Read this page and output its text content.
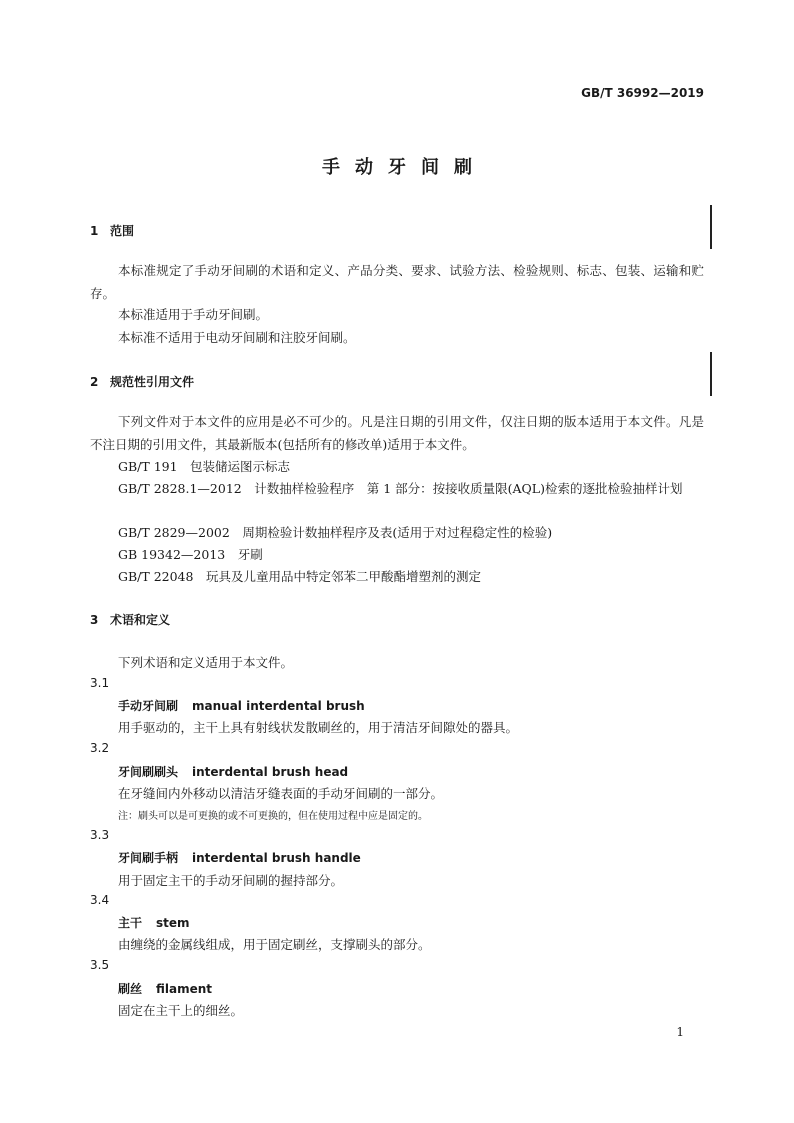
GB/T 36992—2019
手动牙间刷
1 范围
本标准规定了手动牙间刷的术语和定义、产品分类、要求、试验方法、检验规则、标志、包装、运输和贮存。
本标准适用于手动牙间刷。
本标准不适用于电动牙间刷和注胶牙间刷。
2 规范性引用文件
下列文件对于本文件的应用是必不可少的。凡是注日期的引用文件，仅注日期的版本适用于本文件。凡是不注日期的引用文件，其最新版本(包括所有的修改单)适用于本文件。
GB/T 191　包装储运图示标志
GB/T 2828.1—2012　计数抽样检验程序　第 1 部分：按接收质量限(AQL)检索的逐批检验抽样计划
GB/T 2829—2002　周期检验计数抽样程序及表(适用于对过程稳定性的检验)
GB 19342—2013　牙刷
GB/T 22048　玩具及儿童用品中特定邻苯二甲酸酯增塑剂的测定
3 术语和定义
下列术语和定义适用于本文件。
3.1
手动牙间刷 manual interdental brush
用手驱动的，主干上具有射线状发散刷丝的，用于清洁牙间隙处的器具。
3.2
牙间刷刷头 interdental brush head
在牙缝间内外移动以清洁牙缝表面的手动牙间刷的一部分。
注：刷头可以是可更换的或不可更换的，但在使用过程中应是固定的。
3.3
牙间刷手柄 interdental brush handle
用于固定主干的手动牙间刷的握持部分。
3.4
主干 stem
由缠绕的金属线组成，用于固定刷丝，支撑刷头的部分。
3.5
刷丝 filament
固定在主干上的细丝。
1
